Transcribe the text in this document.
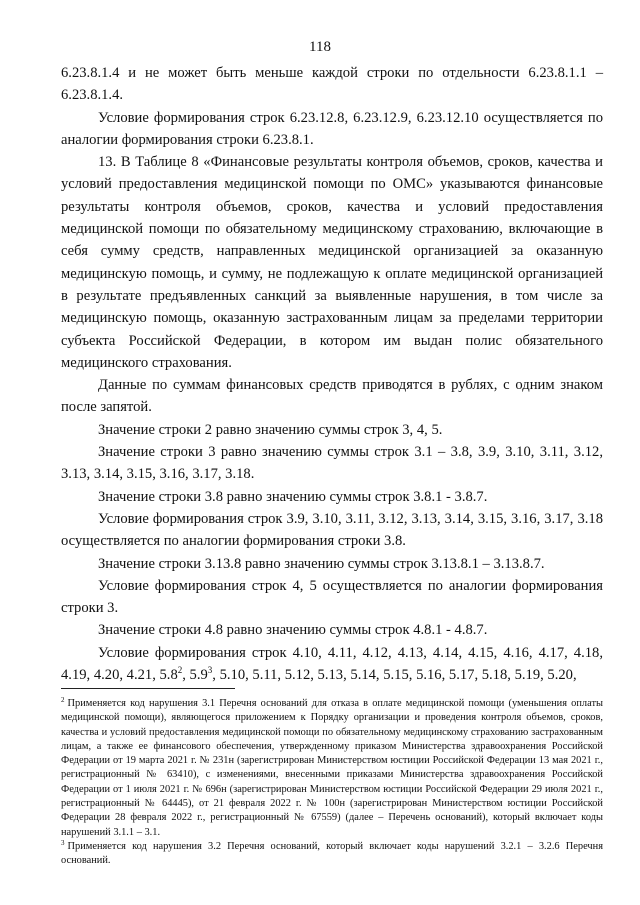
118

6.23.8.1.4 и не может быть меньше каждой строки по отдельности 6.23.8.1.1 – 6.23.8.1.4.

Условие формирования строк 6.23.12.8, 6.23.12.9, 6.23.12.10 осуществляется по аналогии формирования строки 6.23.8.1.

13. В Таблице 8 «Финансовые результаты контроля объемов, сроков, качества и условий предоставления медицинской помощи по ОМС» указываются финансовые результаты контроля объемов, сроков, качества и условий предоставления медицинской помощи по обязательному медицинскому страхованию, включающие в себя сумму средств, направленных медицинской организацией за оказанную медицинскую помощь, и сумму, не подлежащую к оплате медицинской организацией в результате предъявленных санкций за выявленные нарушения, в том числе за медицинскую помощь, оказанную застрахованным лицам за пределами территории субъекта Российской Федерации, в котором им выдан полис обязательного медицинского страхования.

Данные по суммам финансовых средств приводятся в рублях, с одним знаком после запятой.

Значение строки 2 равно значению суммы строк 3, 4, 5.

Значение строки 3 равно значению суммы строк 3.1 – 3.8, 3.9, 3.10, 3.11, 3.12, 3.13, 3.14, 3.15, 3.16, 3.17, 3.18.

Значение строки 3.8 равно значению суммы строк 3.8.1 - 3.8.7.

Условие формирования строк 3.9, 3.10, 3.11, 3.12, 3.13, 3.14, 3.15, 3.16, 3.17, 3.18 осуществляется по аналогии формирования строки 3.8.

Значение строки 3.13.8 равно значению суммы строк 3.13.8.1 – 3.13.8.7.

Условие формирования строк 4, 5 осуществляется по аналогии формирования строки 3.

Значение строки 4.8 равно значению суммы строк 4.8.1 - 4.8.7.

Условие формирования строк 4.10, 4.11, 4.12, 4.13, 4.14, 4.15, 4.16, 4.17, 4.18, 4.19, 4.20, 4.21, $5.8^2$, $5.9^3$, 5.10, 5.11, 5.12, 5.13, 5.14, 5.15, 5.16, 5.17, 5.18, 5.19, 5.20,

$^2$ Применяется код нарушения 3.1 Перечня оснований для отказа в оплате медицинской помощи (уменьшения оплаты медицинской помощи), являющегося приложением к Порядку организации и проведения контроля объемов, сроков, качества и условий предоставления медицинской помощи по обязательному медицинскому страхованию застрахованным лицам, а также ее финансового обеспечения, утвержденному приказом Министерства здравоохранения Российской Федерации от 19 марта 2021 г. № 231н (зарегистрирован Министерством юстиции Российской Федерации 13 мая 2021 г., регистрационный № 63410), с изменениями, внесенными приказами Министерства здравоохранения Российской Федерации от 1 июля 2021 г. № 696н (зарегистрирован Министерством юстиции Российской Федерации 29 июля 2021 г., регистрационный № 64445), от 21 февраля 2022 г. № 100н (зарегистрирован Министерством юстиции Российской Федерации 28 февраля 2022 г., регистрационный № 67559) (далее – Перечень оснований), который включает коды нарушений 3.1.1 – 3.1.

$^3$ Применяется код нарушения 3.2 Перечня оснований, который включает коды нарушений 3.2.1 – 3.2.6 Перечня оснований.
